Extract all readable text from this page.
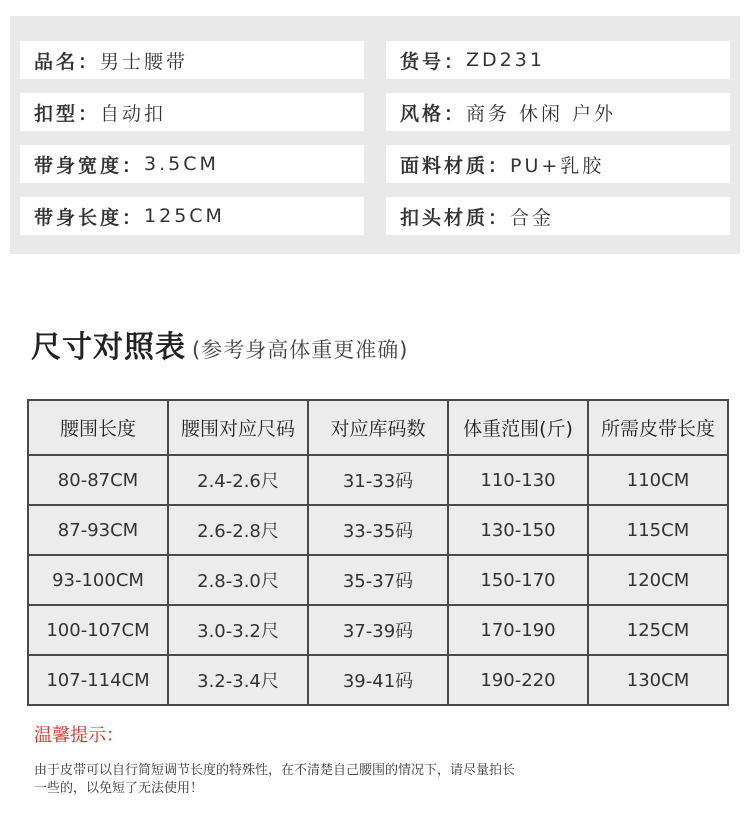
品名： 男士腰带	货号： ZD231
扣型： 自动扣	风格： 商务 休闲 户外
带身宽度： 3.5CM	面料材质： PU+乳胶
带身长度： 125CM	扣头材质： 合金
尺寸对照表 (参考身高体重更准确)
腰围长度	腰围对应尺码	对应库码数	体重范围(斤)	所需皮带长度
80-87CM	2.4-2.6尺	31-33码	110-130	110CM
87-93CM	2.6-2.8尺	33-35码	130-150	115CM
93-100CM	2.8-3.0尺	35-37码	150-170	120CM
100-107CM	3.0-3.2尺	37-39码	170-190	125CM
107-114CM	3.2-3.4尺	39-41码	190-220	130CM
温馨提示：
由于皮带可以自行简短调节长度的特殊性，在不清楚自己腰围的情况下，请尽量拍长
一些的，以免短了无法使用！
